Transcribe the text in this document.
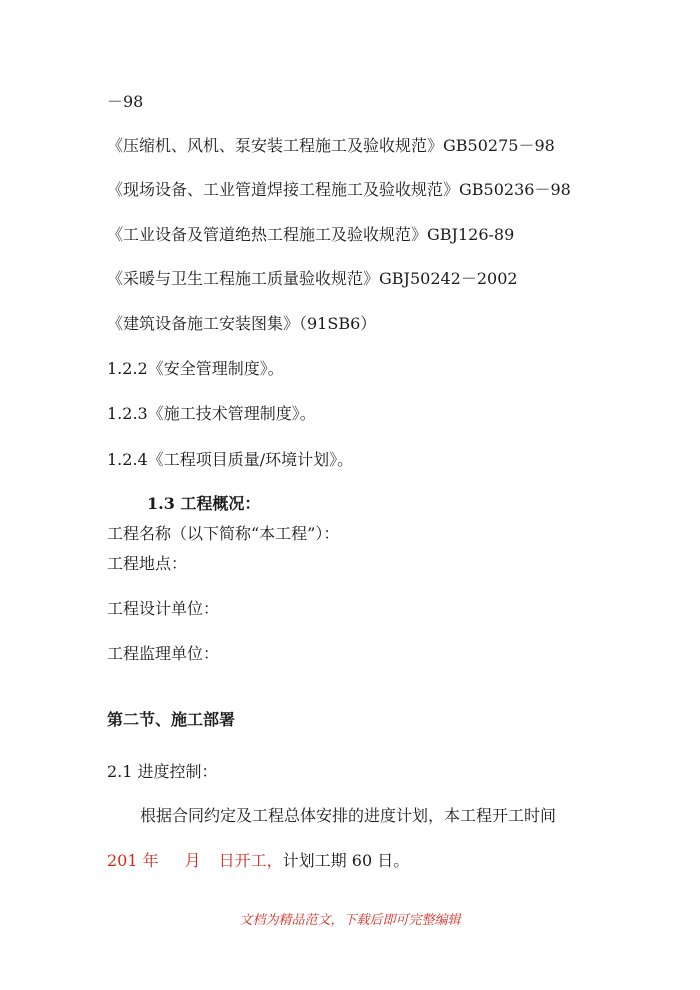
－98
《压缩机、风机、泵安装工程施工及验收规范》GB50275－98
《现场设备、工业管道焊接工程施工及验收规范》GB50236－98
《工业设备及管道绝热工程施工及验收规范》GBJ126-89
《采暖与卫生工程施工质量验收规范》GBJ50242－2002
《建筑设备施工安装图集》（91SB6）
1.2.2《安全管理制度》。
1.2.3《施工技术管理制度》。
1.2.4《工程项目质量/环境计划》。
1.3 工程概况：
工程名称（以下简称“本工程”）：
工程地点：
工程设计单位：
工程监理单位：
第二节、施工部署
2.1 进度控制：
根据合同约定及工程总体安排的进度计划，本工程开工时间
201 年 月 日开工，计划工期 60 日。
文档为精品范文，下载后即可完整编辑
